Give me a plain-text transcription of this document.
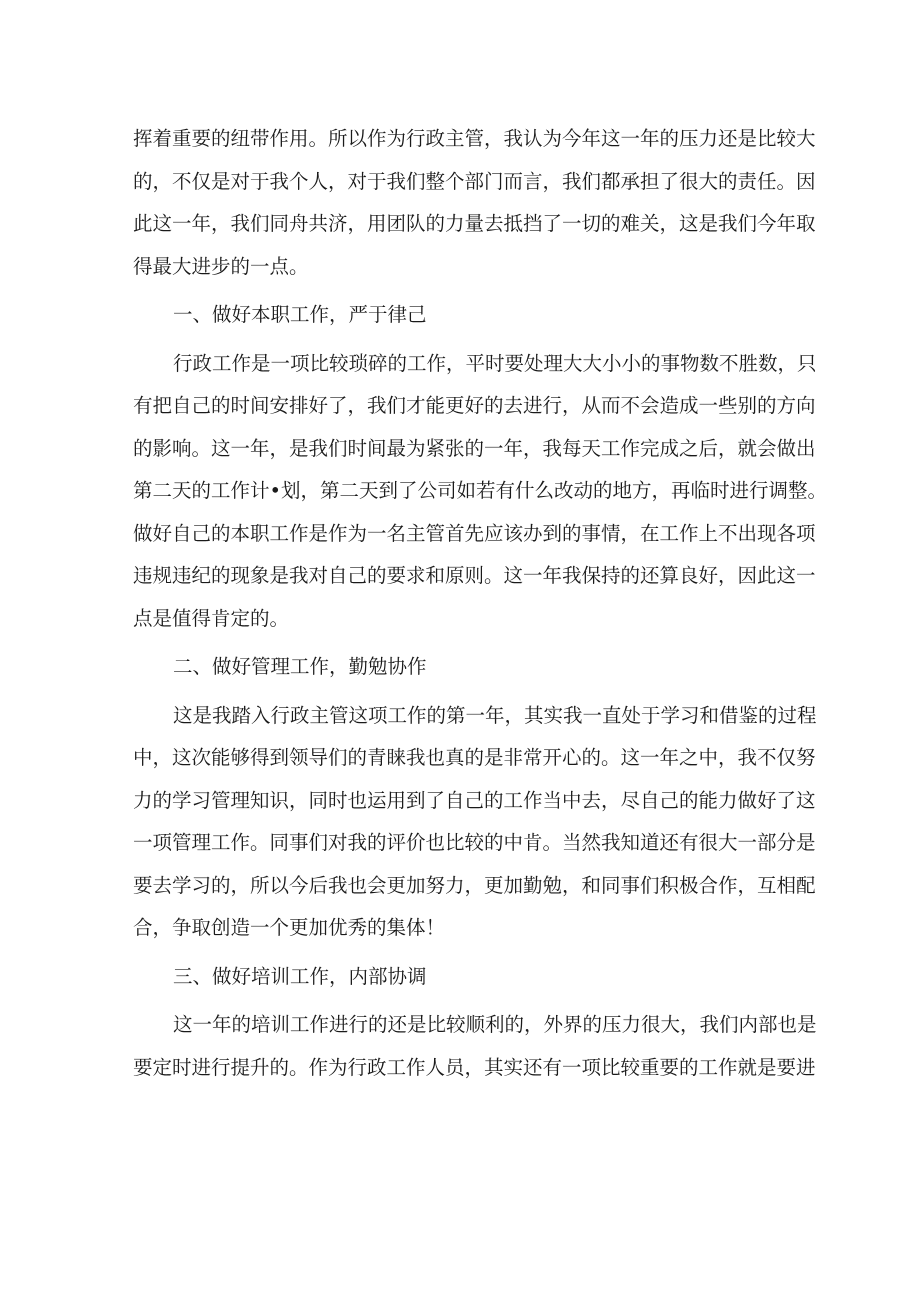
挥着重要的纽带作用。所以作为行政主管，我认为今年这一年的压力还是比较大
的，不仅是对于我个人，对于我们整个部门而言，我们都承担了很大的责任。因
此这一年，我们同舟共济，用团队的力量去抵挡了一切的难关，这是我们今年取
得最大进步的一点。
一、做好本职工作，严于律己
行政工作是一项比较琐碎的工作，平时要处理大大小小的事物数不胜数，只
有把自己的时间安排好了，我们才能更好的去进行，从而不会造成一些别的方向
的影响。这一年，是我们时间最为紧张的一年，我每天工作完成之后，就会做出
第二天的工作计•划，第二天到了公司如若有什么改动的地方，再临时进行调整。
做好自己的本职工作是作为一名主管首先应该办到的事情，在工作上不出现各项
违规违纪的现象是我对自己的要求和原则。这一年我保持的还算良好，因此这一
点是值得肯定的。
二、做好管理工作，勤勉协作
这是我踏入行政主管这项工作的第一年，其实我一直处于学习和借鉴的过程
中，这次能够得到领导们的青睐我也真的是非常开心的。这一年之中，我不仅努
力的学习管理知识，同时也运用到了自己的工作当中去，尽自己的能力做好了这
一项管理工作。同事们对我的评价也比较的中肯。当然我知道还有很大一部分是
要去学习的，所以今后我也会更加努力，更加勤勉，和同事们积极合作，互相配
合，争取创造一个更加优秀的集体！
三、做好培训工作，内部协调
这一年的培训工作进行的还是比较顺利的，外界的压力很大，我们内部也是
要定时进行提升的。作为行政工作人员，其实还有一项比较重要的工作就是要进
